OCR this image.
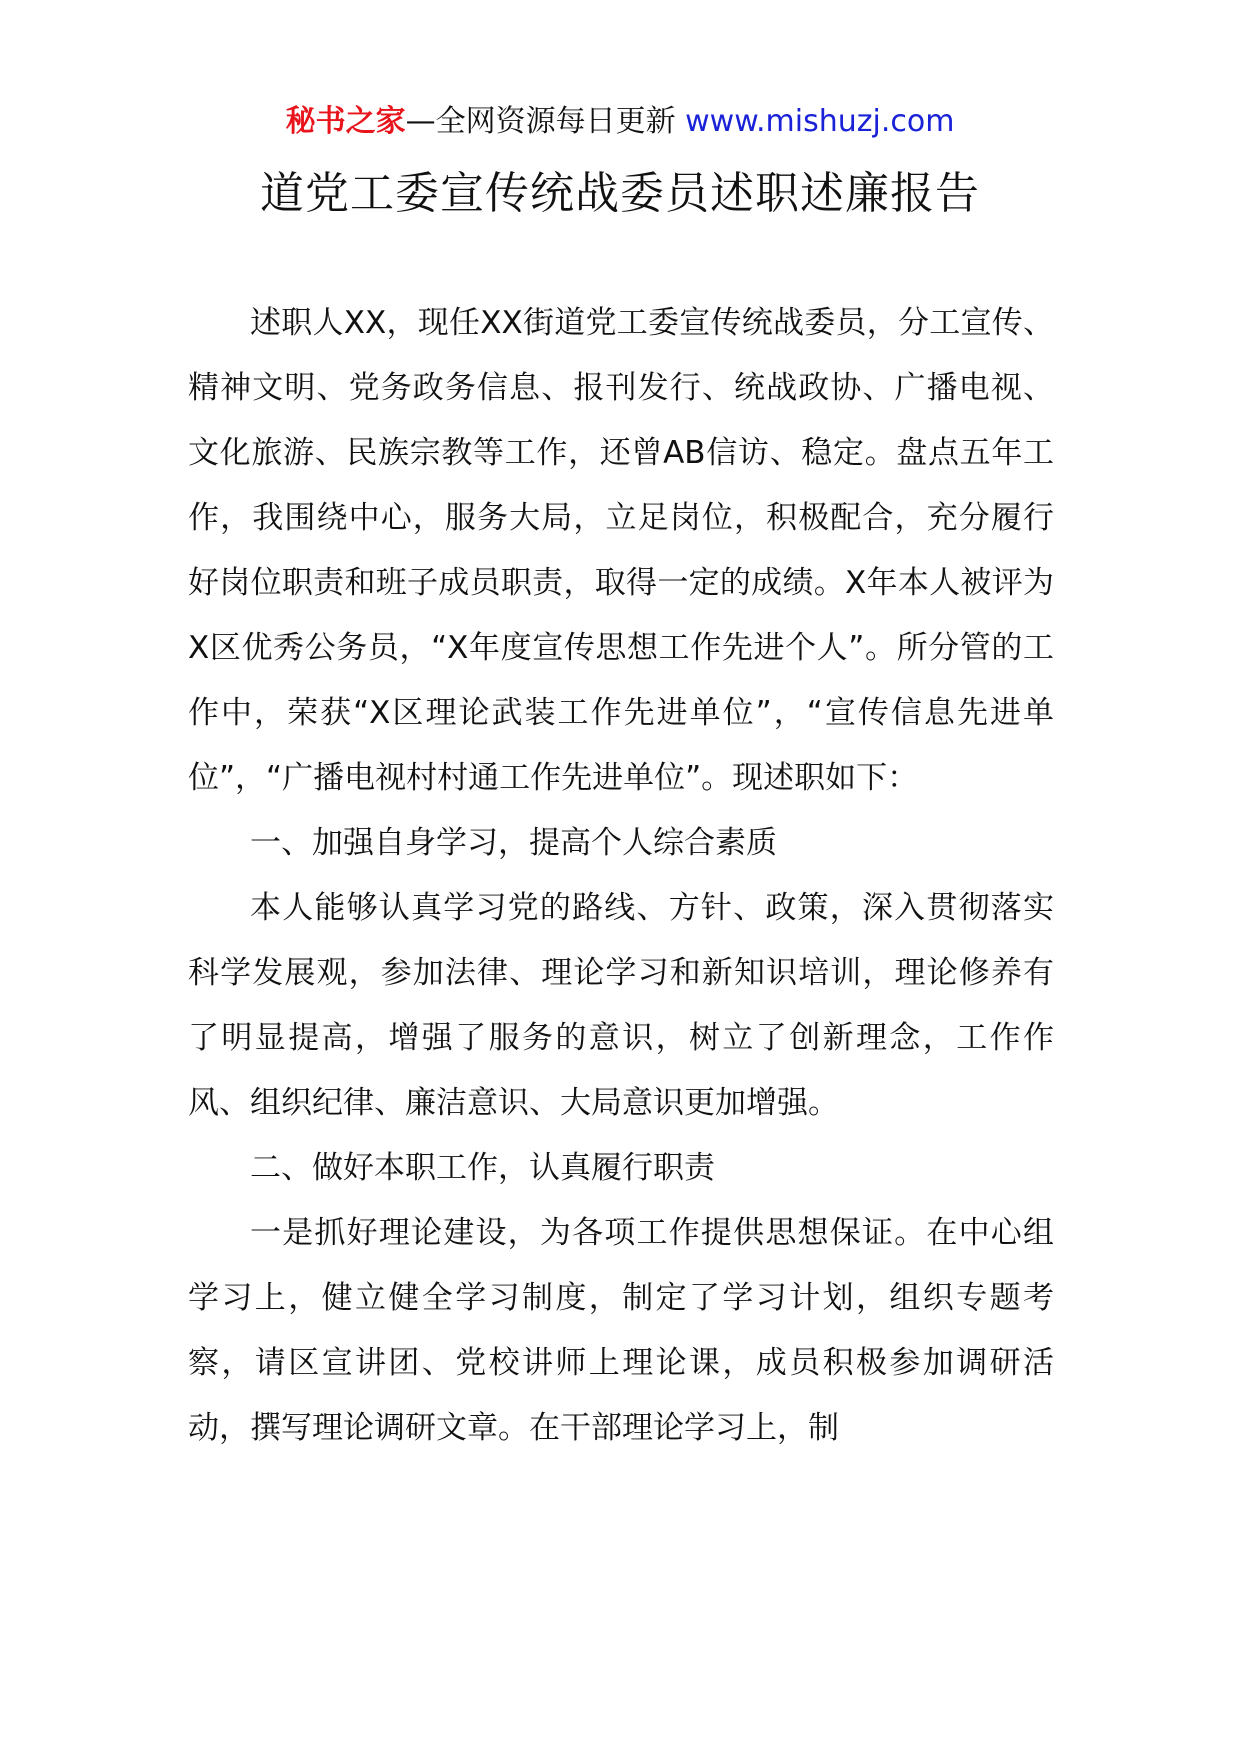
秘书之家—全网资源每日更新 www.mishuzj.com
道党工委宣传统战委员述职述廉报告

述职人XX，现任XX街道党工委宣传统战委员，分工宣传、精神文明、党务政务信息、报刊发行、统战政协、广播电视、文化旅游、民族宗教等工作，还曾AB信访、稳定。盘点五年工作，我围绕中心，服务大局，立足岗位，积极配合，充分履行好岗位职责和班子成员职责，取得一定的成绩。X年本人被评为X区优秀公务员，“X年度宣传思想工作先进个人”。所分管的工作中，荣获“X区理论武装工作先进单位”，“宣传信息先进单位”，“广播电视村村通工作先进单位”。现述职如下：

一、加强自身学习，提高个人综合素质

本人能够认真学习党的路线、方针、政策，深入贯彻落实科学发展观，参加法律、理论学习和新知识培训，理论修养有了明显提高，增强了服务的意识，树立了创新理念，工作作风、组织纪律、廉洁意识、大局意识更加增强。

二、做好本职工作，认真履行职责

一是抓好理论建设，为各项工作提供思想保证。在中心组学习上，健立健全学习制度，制定了学习计划，组织专题考察，请区宣讲团、党校讲师上理论课，成员积极参加调研活动，撰写理论调研文章。在干部理论学习上，制
